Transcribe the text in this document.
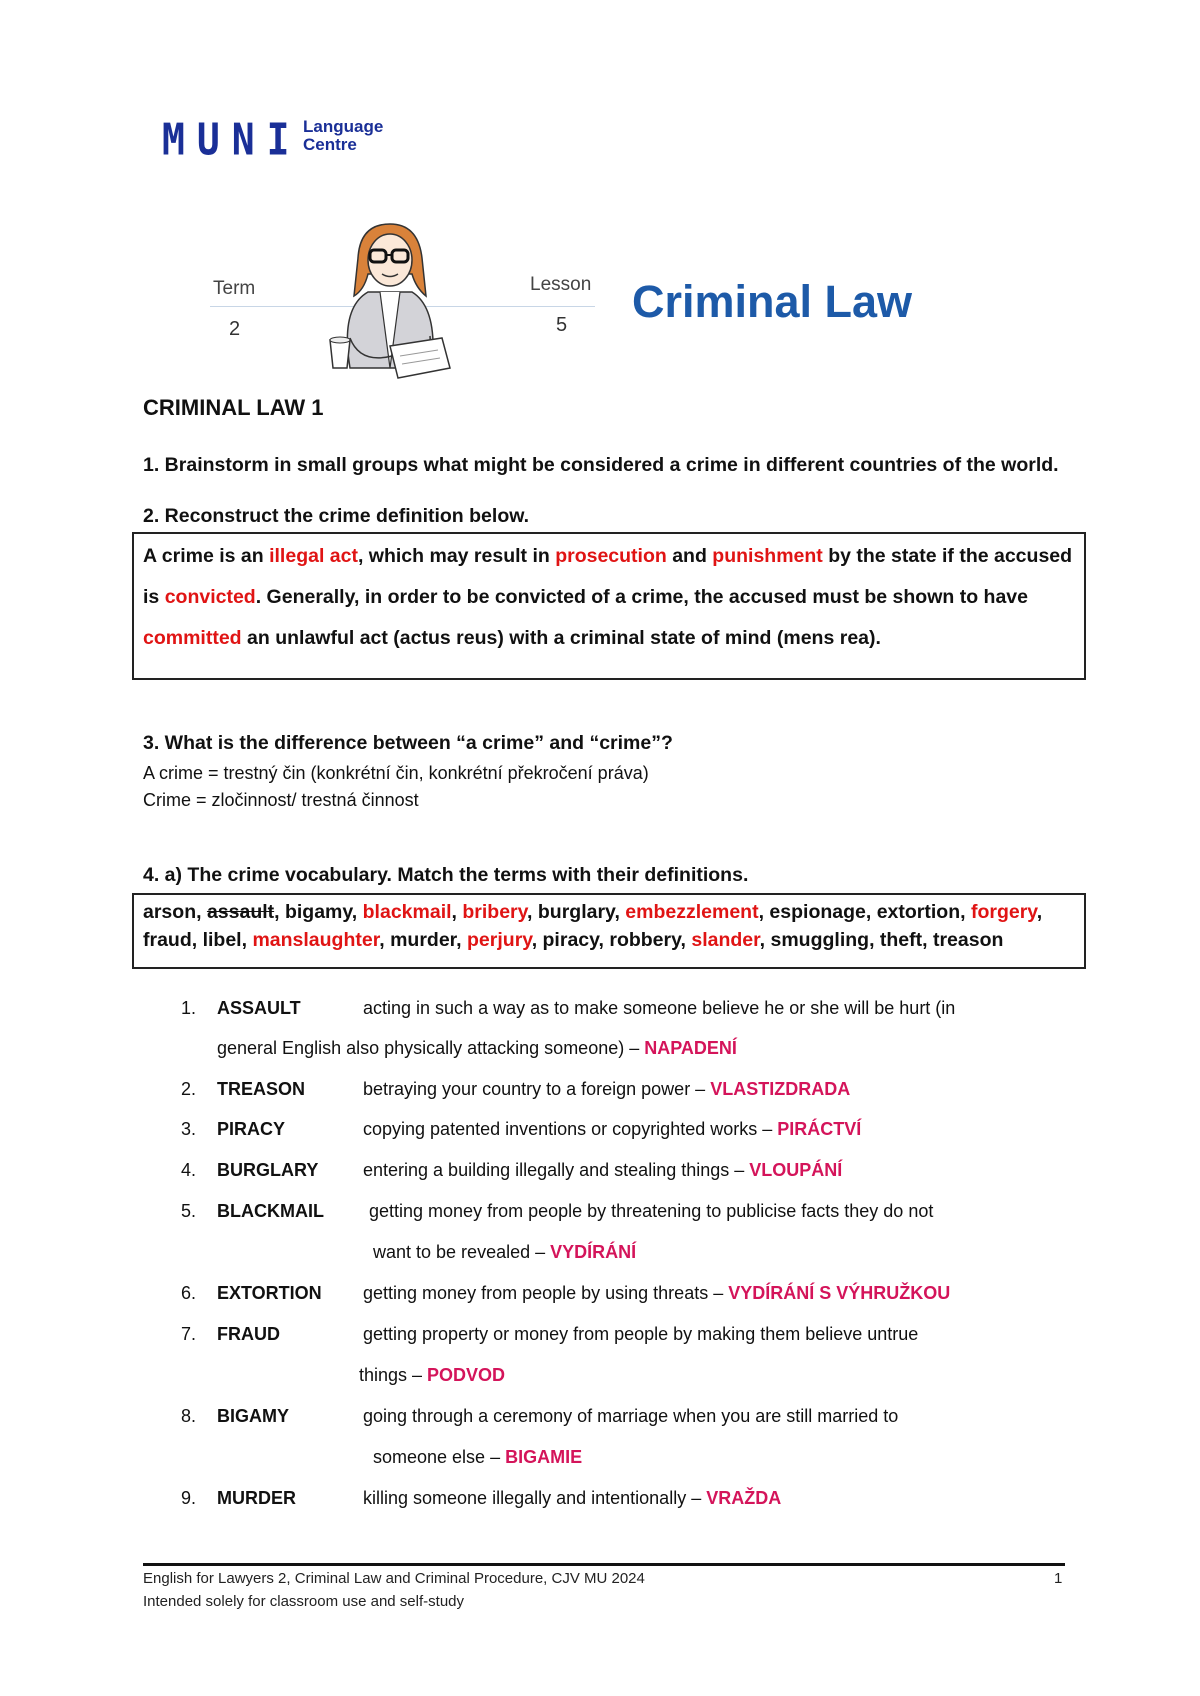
MUNI Language
Centre
Term
2
Lesson
5 Criminal Law
CRIMINAL LAW 1
1. Brainstorm in small groups what might be considered a crime in different countries of the world.
2. Reconstruct the crime definition below.
A crime is an illegal act, which may result in prosecution and punishment by the state if the accused is convicted. Generally, in order to be convicted of a crime, the accused must be shown to have committed an unlawful act (actus reus) with a criminal state of mind (mens rea).
3. What is the difference between “a crime” and “crime”?
A crime = trestný čin (konkrétní čin, konkrétní překročení práva)
Crime = zločinnost/ trestná činnost
4. a) The crime vocabulary. Match the terms with their definitions.
arson, assault, bigamy, blackmail, bribery, burglary, embezzlement, espionage, extortion, forgery, fraud, libel, manslaughter, murder, perjury, piracy, robbery, slander, smuggling, theft, treason
1. ASSAULT	acting in such a way as to make someone believe he or she will be hurt (in
general English also physically attacking someone) – NAPADENÍ
2. TREASON	betraying your country to a foreign power – VLASTIZDRADA
3. PIRACY	copying patented inventions or copyrighted works – PIRÁCTVÍ
4. BURGLARY entering a building illegally and stealing things – VLOUPÁNÍ
5. BLACKMAIL	getting money from people by threatening to publicise facts they do not
want to be revealed – VYDÍRÁNÍ
6. EXTORTION getting money from people by using threats – VYDÍRÁNÍ S VÝHRUŽKOU
7. FRAUD	getting property or money from people by making them believe untrue
things – PODVOD
8. BIGAMY	going through a ceremony of marriage when you are still married to
someone else – BIGAMIE
9. MURDER	killing someone illegally and intentionally – VRAŽDA
English for Lawyers 2, Criminal Law and Criminal Procedure, CJV MU 2024
Intended solely for classroom use and self-study
1
